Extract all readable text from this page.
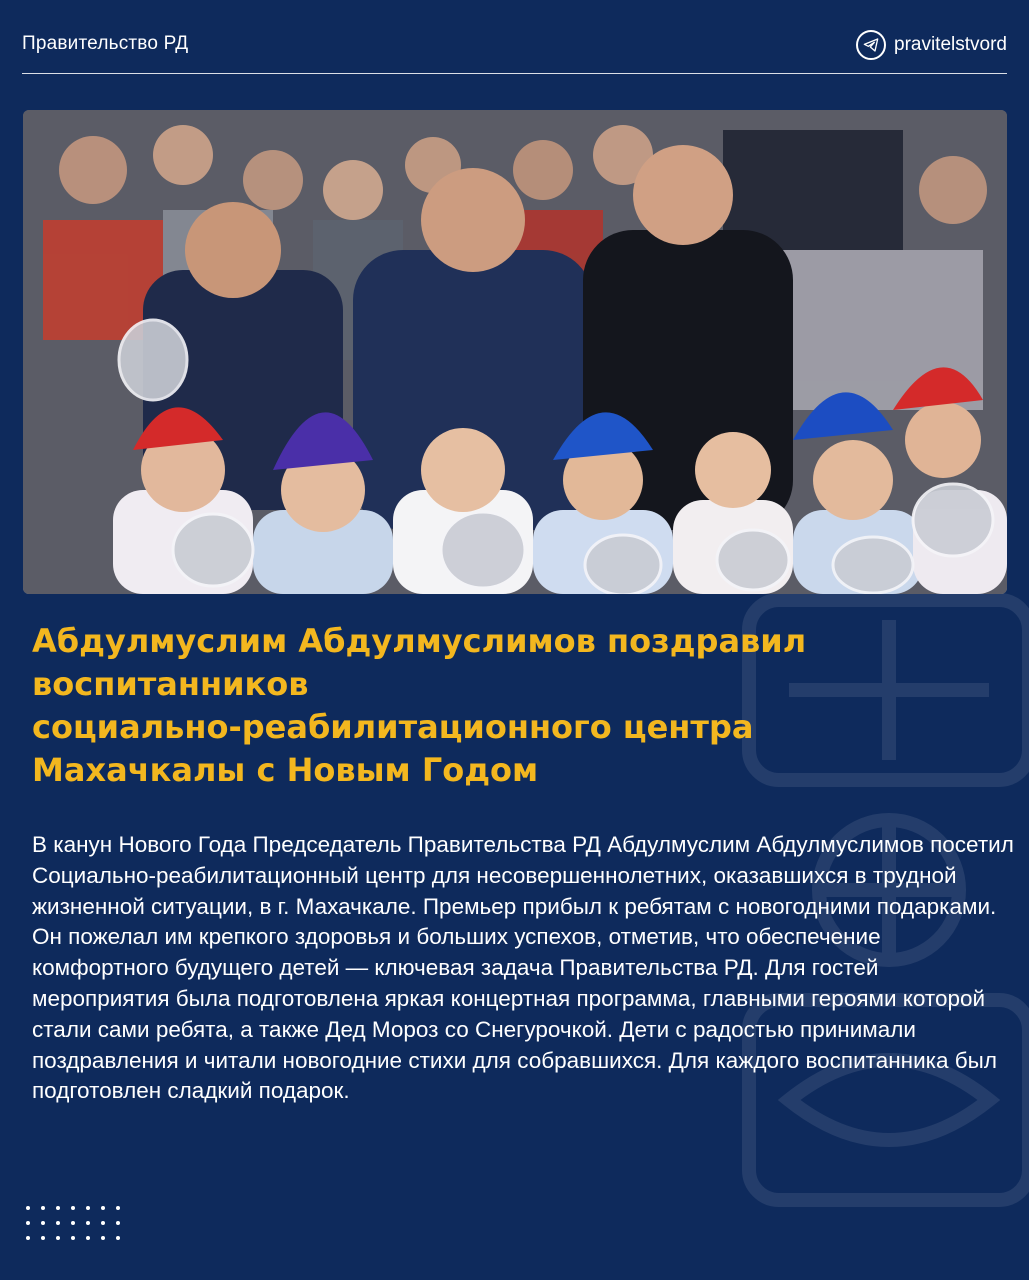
Правительство РД	pravitelstvord
Абдулмуслим Абдулмуслимов поздравил
воспитанников
социально-реабилитационного центра
Махачкалы с Новым Годом
В канун Нового Года Председатель Правительства РД Абдулмуслим Абдулмуслимов посетил Социально-реабилитационный центр для несовершеннолетних, оказавшихся в трудной жизненной ситуации, в г. Махачкале. Премьер прибыл к ребятам с новогодними подарками. Он пожелал им крепкого здоровья и больших успехов, отметив, что обеспечение комфортного будущего детей — ключевая задача Правительства РД. Для гостей мероприятия была подготовлена яркая концертная программа, главными героями которой стали сами ребята, а также Дед Мороз со Снегурочкой. Дети с радостью принимали поздравления и читали новогодние стихи для собравшихся. Для каждого воспитанника был подготовлен сладкий подарок.
